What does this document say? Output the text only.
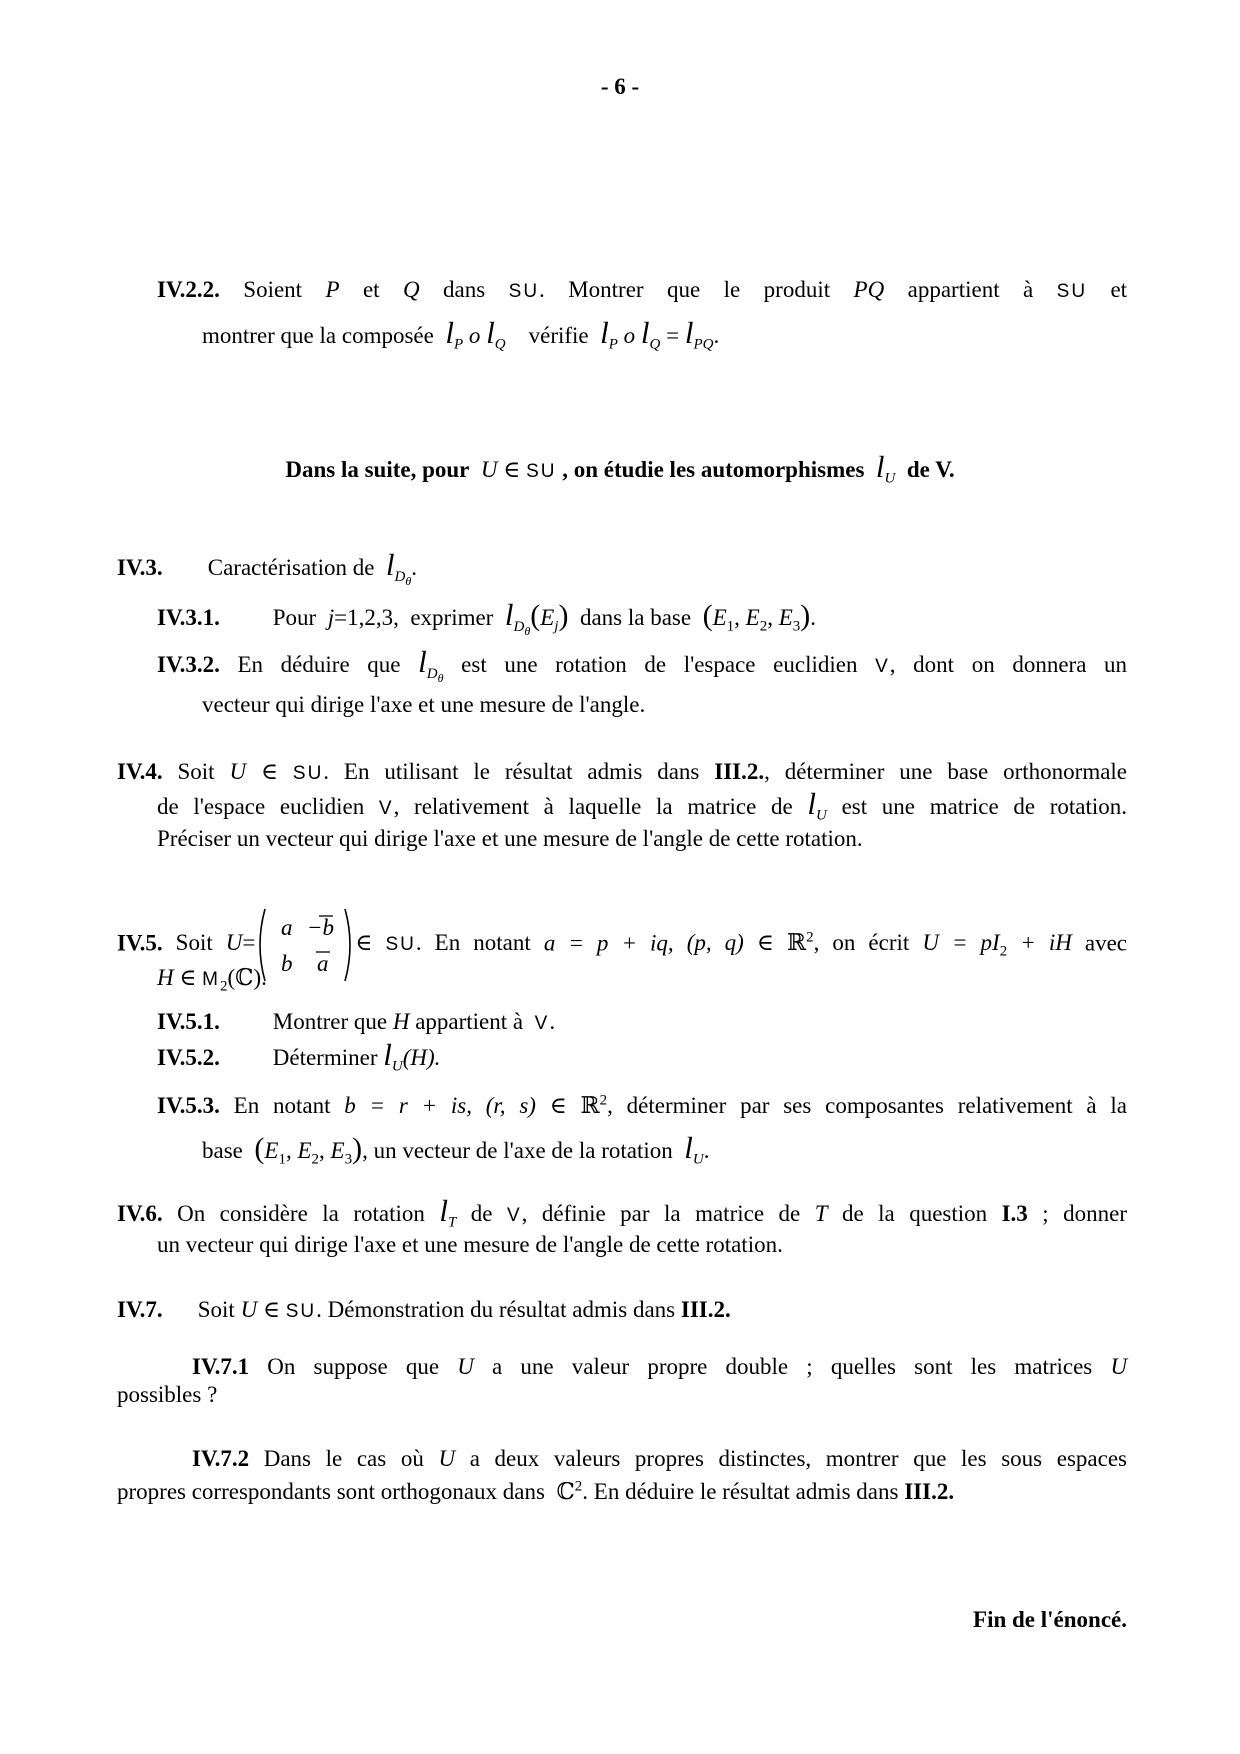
- 6 -
IV.2.2. Soient P et Q dans SU. Montrer que le produit PQ appartient à SU et
montrer que la composée $l_P$ o $l_Q$ vérifie $l_P$ o $l_Q = l_{PQ}$.
Dans la suite, pour U ∈ SU , on étudie les automorphismes $l_U$ de V.
IV.3. Caractérisation de $l_{D_\theta}$.
IV.3.1. Pour j=1,2,3, exprimer $l_{D_\theta}(E_j)$ dans la base ($E_1$, $E_2$, $E_3$).
IV.3.2. En déduire que $l_{D_\theta}$ est une rotation de l'espace euclidien V, dont on donnera un
vecteur qui dirige l'axe et une mesure de l'angle.
IV.4. Soit U ∈ SU. En utilisant le résultat admis dans III.2., déterminer une base orthonormale
de l'espace euclidien V, relativement à laquelle la matrice de $l_U$ est une matrice de rotation.
Préciser un vecteur qui dirige l'axe et une mesure de l'angle de cette rotation.
IV.5. Soit U=
a −b
b a
∈ SU. En notant a = p + iq, (p, q) ∈ ℝ$^2$, on écrit $U = pI_2$ + iH avec
H ∈ $M_2(ℂ)$.
IV.5.1. Montrer que H appartient à V.
IV.5.2. Déterminer $l_U(H)$.
IV.5.3. En notant b = r + is, (r, s) ∈ ℝ$^2$, déterminer par ses composantes relativement à la
base ($E_1$, $E_2$, $E_3$), un vecteur de l'axe de la rotation $l_U$.
IV.6. On considère la rotation $l_T$ de V, définie par la matrice de T de la question I.3 ; donner
un vecteur qui dirige l'axe et une mesure de l'angle de cette rotation.
IV.7. Soit U ∈ SU. Démonstration du résultat admis dans III.2.
IV.7.1 On suppose que U a une valeur propre double ; quelles sont les matrices U
possibles ?
IV.7.2 Dans le cas où U a deux valeurs propres distinctes, montrer que les sous espaces
propres correspondants sont orthogonaux dans ℂ$^2$. En déduire le résultat admis dans III.2.
Fin de l'énoncé.
